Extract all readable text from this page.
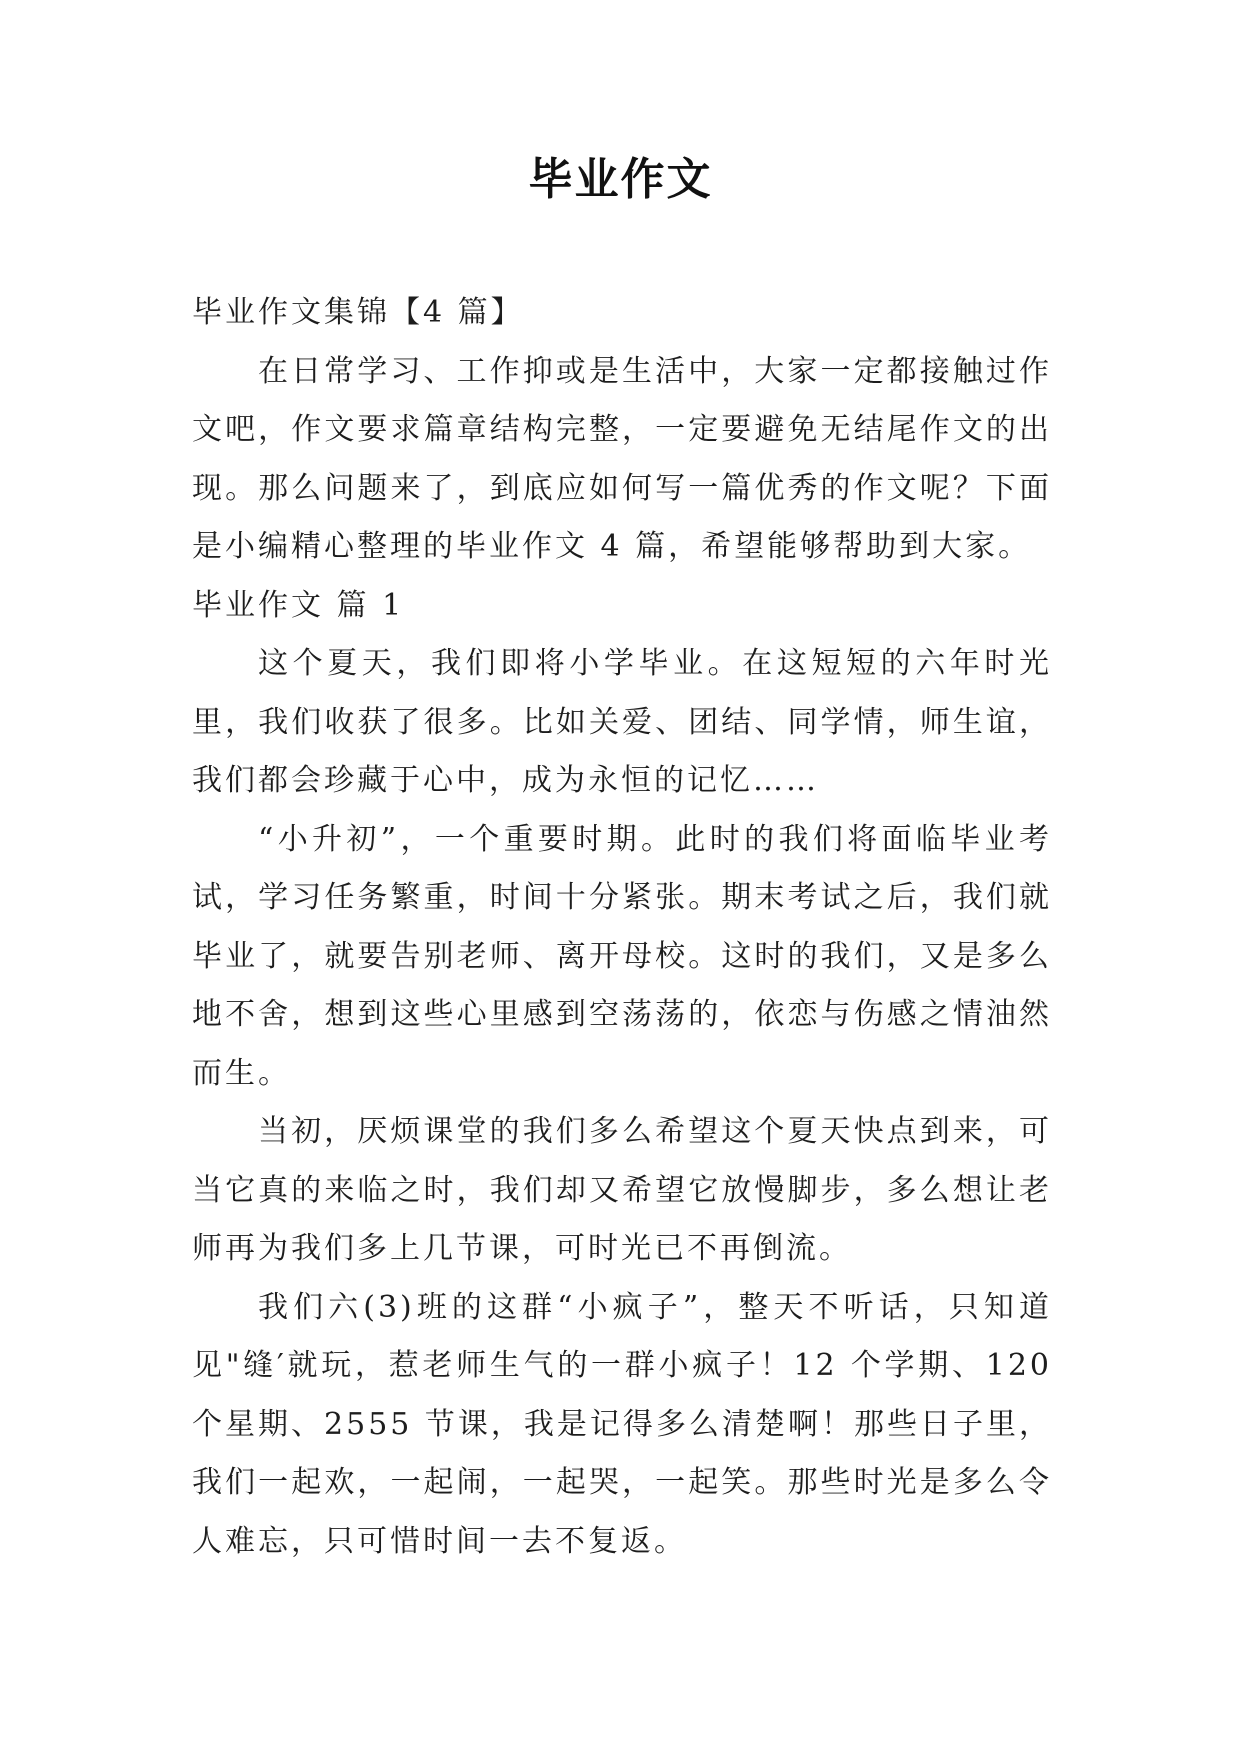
毕业作文

毕业作文集锦【4 篇】

在日常学习、工作抑或是生活中，大家一定都接触过作文吧，作文要求篇章结构完整，一定要避免无结尾作文的出现。那么问题来了，到底应如何写一篇优秀的作文呢？下面是小编精心整理的毕业作文 4 篇，希望能够帮助到大家。

毕业作文 篇 1

这个夏天，我们即将小学毕业。在这短短的六年时光里，我们收获了很多。比如关爱、团结、同学情，师生谊，我们都会珍藏于心中，成为永恒的记忆……

“小升初”，一个重要时期。此时的我们将面临毕业考试，学习任务繁重，时间十分紧张。期末考试之后，我们就毕业了，就要告别老师、离开母校。这时的我们，又是多么地不舍，想到这些心里感到空荡荡的，依恋与伤感之情油然而生。

当初，厌烦课堂的我们多么希望这个夏天快点到来，可当它真的来临之时，我们却又希望它放慢脚步，多么想让老师再为我们多上几节课，可时光已不再倒流。

我们六(3)班的这群“小疯子”，整天不听话，只知道见"缝′就玩，惹老师生气的一群小疯子！12 个学期、120 个星期、2555 节课，我是记得多么清楚啊！那些日子里，我们一起欢，一起闹，一起哭，一起笑。那些时光是多么令人难忘，只可惜时间一去不复返。
